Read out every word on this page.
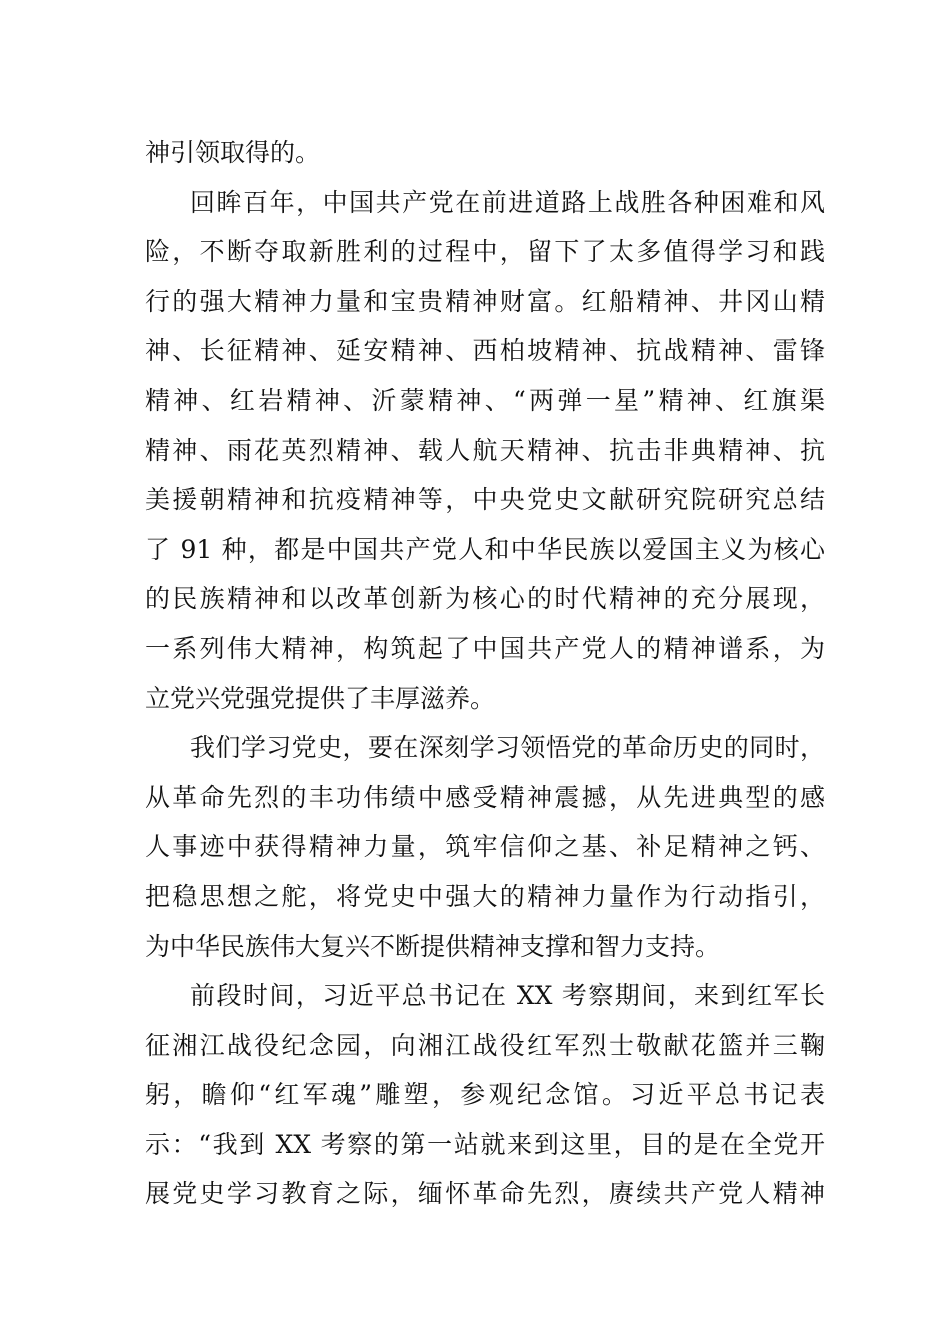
神引领取得的。
回眸百年，中国共产党在前进道路上战胜各种困难和风
险，不断夺取新胜利的过程中，留下了太多值得学习和践
行的强大精神力量和宝贵精神财富。红船精神、井冈山精
神、长征精神、延安精神、西柏坡精神、抗战精神、雷锋
精神、红岩精神、沂蒙精神、“两弹一星”精神、红旗渠
精神、雨花英烈精神、载人航天精神、抗击非典精神、抗
美援朝精神和抗疫精神等，中央党史文献研究院研究总结
了 91 种，都是中国共产党人和中华民族以爱国主义为核心
的民族精神和以改革创新为核心的时代精神的充分展现，
一系列伟大精神，构筑起了中国共产党人的精神谱系，为
立党兴党强党提供了丰厚滋养。
我们学习党史，要在深刻学习领悟党的革命历史的同时，
从革命先烈的丰功伟绩中感受精神震撼，从先进典型的感
人事迹中获得精神力量，筑牢信仰之基、补足精神之钙、
把稳思想之舵，将党史中强大的精神力量作为行动指引，
为中华民族伟大复兴不断提供精神支撑和智力支持。
前段时间，习近平总书记在 XX 考察期间，来到红军长
征湘江战役纪念园，向湘江战役红军烈士敬献花篮并三鞠
躬，瞻仰“红军魂”雕塑，参观纪念馆。习近平总书记表
示：“我到 XX 考察的第一站就来到这里，目的是在全党开
展党史学习教育之际，缅怀革命先烈，赓续共产党人精神
